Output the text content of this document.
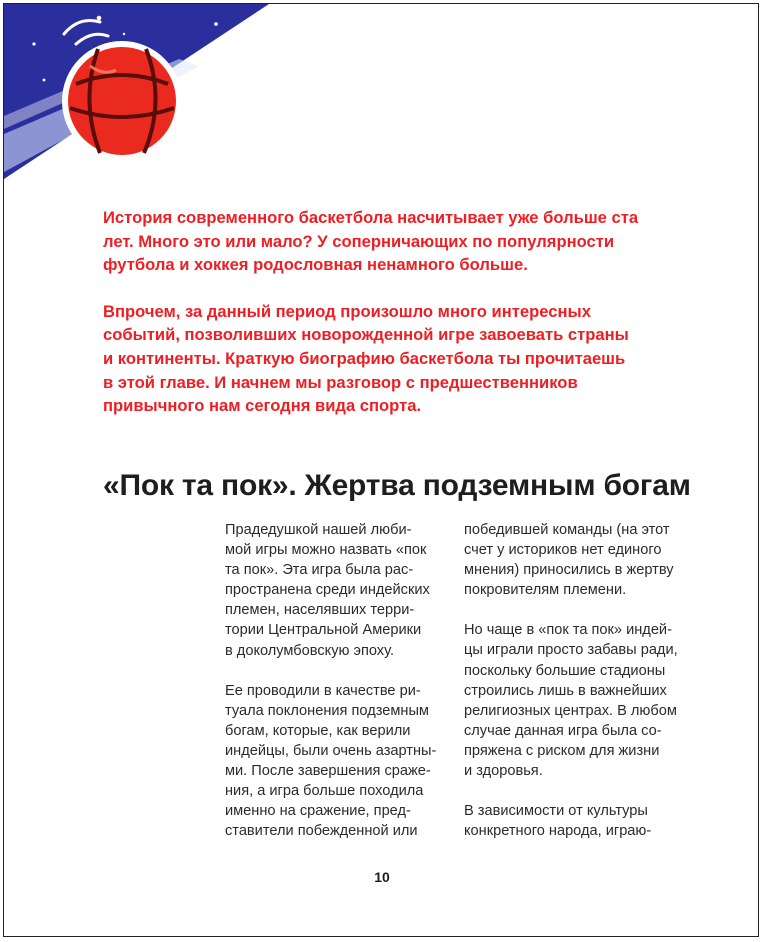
История современного баскетбола насчитывает уже больше ста
лет. Много это или мало? У соперничающих по популярности
футбола и хоккея родословная ненамного больше.

Впрочем, за данный период произошло много интересных
событий, позволивших новорожденной игре завоевать страны
и континенты. Краткую биографию баскетбола ты прочитаешь
в этой главе. И начнем мы разговор с предшественников
привычного нам сегодня вида спорта.

«Пок та пок». Жертва подземным богам

Прадедушкой нашей люби-
мой игры можно назвать «пок
та пок». Эта игра была рас-
пространена среди индейских
племен, населявших терри-
тории Центральной Америки
в доколумбовскую эпоху.

Ее проводили в качестве ри-
туала поклонения подземным
богам, которые, как верили
индейцы, были очень азартны-
ми. После завершения сраже-
ния, а игра больше походила
именно на сражение, пред-
ставители побежденной или

победившей команды (на этот
счет у историков нет единого
мнения) приносились в жертву
покровителям племени.

Но чаще в «пок та пок» индей-
цы играли просто забавы ради,
поскольку большие стадионы
строились лишь в важнейших
религиозных центрах. В любом
случае данная игра была со-
пряжена с риском для жизни
и здоровья.

В зависимости от культуры
конкретного народа, играю-

10
